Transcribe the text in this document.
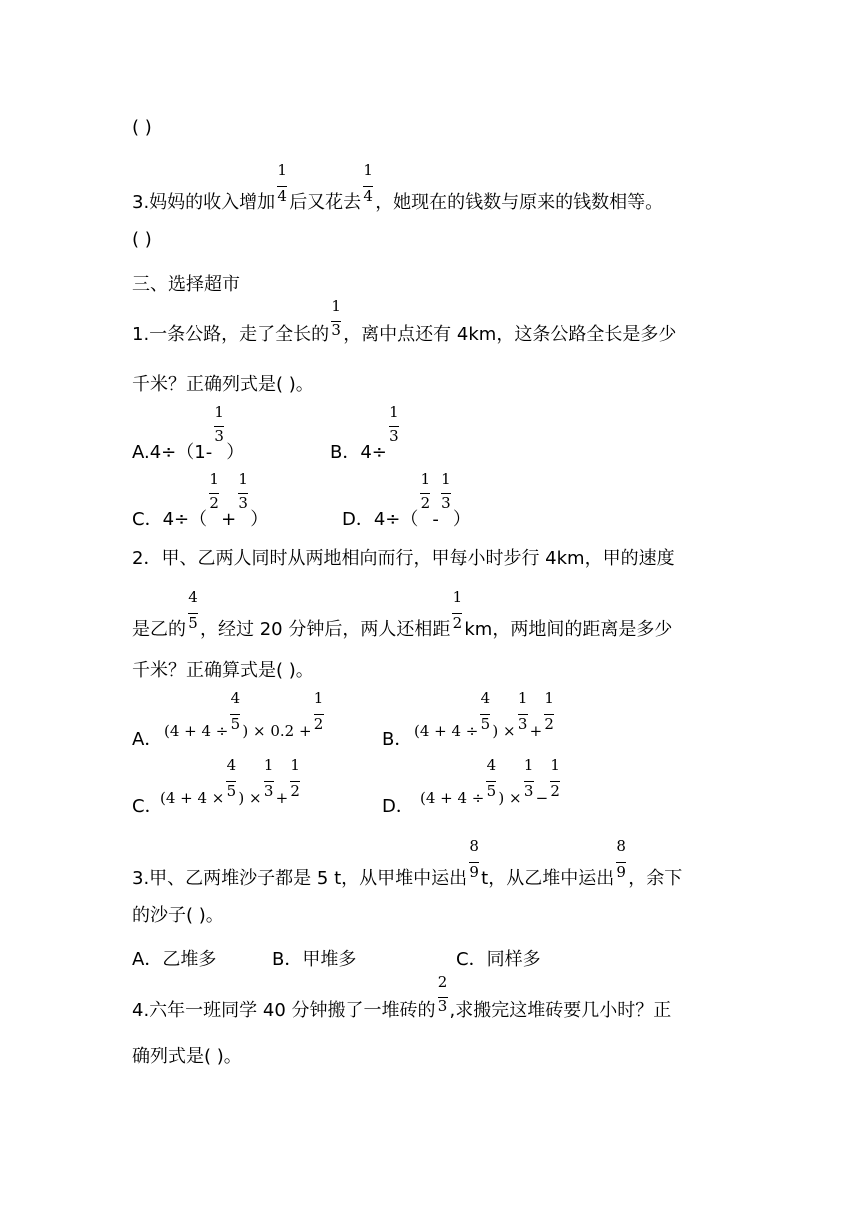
( )
3.妈妈的收入增加 $\frac{1}{4}$ 后又花去 $\frac{1}{4}$ ，她现在的钱数与原来的钱数相等。
( )
三、选择超市
1.一条公路，走了全长的 $\frac{1}{3}$ ，离中点还有 4km，这条公路全长是多少
千米？正确列式是( )。
$A.4\div(1- \frac{1}{3}$ ）	B．$4\div \frac{1}{3}$
C．$4\div( \frac{1}{2} + \frac{1}{3}$ ）	D．$4\div( \frac{1}{2} - \frac{1}{3}$ ）
2．甲、乙两人同时从两地相向而行，甲每小时步行 4km，甲的速度
是乙的 $\frac{4}{5}$ ，经过 20 分钟后，两人还相距 $\frac{1}{2}$ km，两地间的距离是多少
千米？正确算式是( )。
A． ($4 + 4 \div \frac{4}{5}$ ) × $0.2 + \frac{1}{2}$
B． ($4 + 4 \div \frac{4}{5}$ ) × $\frac{1}{3} + \frac{1}{2}$
C．
($4 + 4 \times \frac{4}{5}$ ) × $\frac{1}{3} + \frac{1}{2}$
D． ($4 + 4 \div \frac{4}{5}$ ) × $\frac{1}{3} - \frac{1}{2}$
3.甲、乙两堆沙子都是 5 t，从甲堆中运出 $\frac{8}{9}$ t，从乙堆中运出 $\frac{8}{9}$ ，余下
的沙子( )。
A．乙堆多	B．甲堆多	C．同样多
4.六年一班同学 40 分钟搬了一堆砖的 $\frac{2}{3}$ ,求搬完这堆砖要几小时？正
确列式是( )。
